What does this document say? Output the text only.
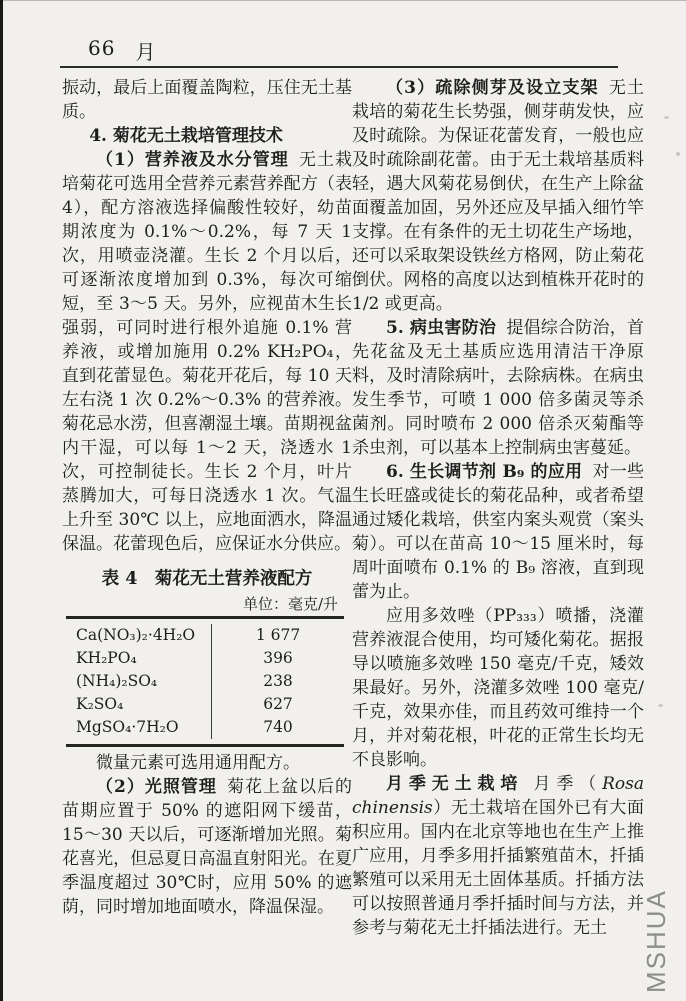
66 月

振动，最后上面覆盖陶粒，压住无土基质。

4. 菊花无土栽培管理技术

（1）营养液及水分管理 无土栽培菊花可选用全营养元素营养配方（表4），配方溶液选择偏酸性较好，幼苗期浓度为 0.1%～0.2%，每 7 天 1 次，用喷壶浇灌。生长 2 个月以后，可逐渐浓度增加到 0.3%，每次可缩短，至 3～5 天。另外，应视苗木生长强弱，可同时进行根外追施 0.1% 营养液，或增加施用 0.2% KH₂PO₄，直到花蕾显色。菊花开花后，每 10 天左右浇 1 次 0.2%～0.3% 的营养液。菊花忌水涝，但喜潮湿土壤。苗期视盆内干湿，可以每 1～2 天，浇透水 1 次，可控制徒长。生长 2 个月，叶片蒸腾加大，可每日浇透水 1 次。气温上升至 30℃ 以上，应地面洒水，降温保温。花蕾现色后，应保证水分供应。

表 4　菊花无土营养液配方
单位：毫克/升
Ca(NO₃)₂·4H₂O	1 677
KH₂PO₄	396
(NH₄)₂SO₄	238
K₂SO₄	627
MgSO₄·7H₂O	740

微量元素可选用通用配方。

（2）光照管理 菊花上盆以后的苗期应置于 50% 的遮阳网下缓苗，15～30 天以后，可逐渐增加光照。菊花喜光，但忌夏日高温直射阳光。在夏季温度超过 30℃时，应用 50% 的遮荫，同时增加地面喷水，降温保湿。

（3）疏除侧芽及设立支架 无土栽培的菊花生长势强，侧芽萌发快，应及时疏除。为保证花蕾发育，一般也应及时疏除副花蕾。由于无土栽培基质料轻，遇大风菊花易倒伏，在生产上除盆面覆盖加固，另外还应及早插入细竹竿支撑。在有条件的无土切花生产场地，还可以采取架设铁丝方格网，防止菊花倒伏。网格的高度以达到植株开花时的 1/2 或更高。

5. 病虫害防治 提倡综合防治，首先花盆及无土基质应选用清洁干净原料，及时清除病叶，去除病株。在病虫发生季节，可喷 1 000 倍多菌灵等杀菌剂。同时喷布 2 000 倍杀灭菊酯等杀虫剂，可以基本上控制病虫害蔓延。

6. 生长调节剂 B₉ 的应用 对一些生长旺盛或徒长的菊花品种，或者希望通过矮化栽培，供室内案头观赏（案头菊）。可以在苗高 10～15 厘米时，每周叶面喷布 0.1% 的 B₉ 溶液，直到现蕾为止。

应用多效唑（PP₃₃₃）喷播，浇灌营养液混合使用，均可矮化菊花。据报导以喷施多效唑 150 毫克/千克，矮效果最好。另外，浇灌多效唑 100 毫克/千克，效果亦佳，而且药效可维持一个月，并对菊花根，叶花的正常生长均无不良影响。

月季无土栽培 月季（Rosa chinensis）无土栽培在国外已有大面积应用。国内在北京等地也在生产上推广应用，月季多用扦插繁殖苗木，扦插繁殖可以采用无土固体基质。扦插方法可以按照普通月季扦插时间与方法，并参考与菊花无土扦插法进行。无土	MSHUA
